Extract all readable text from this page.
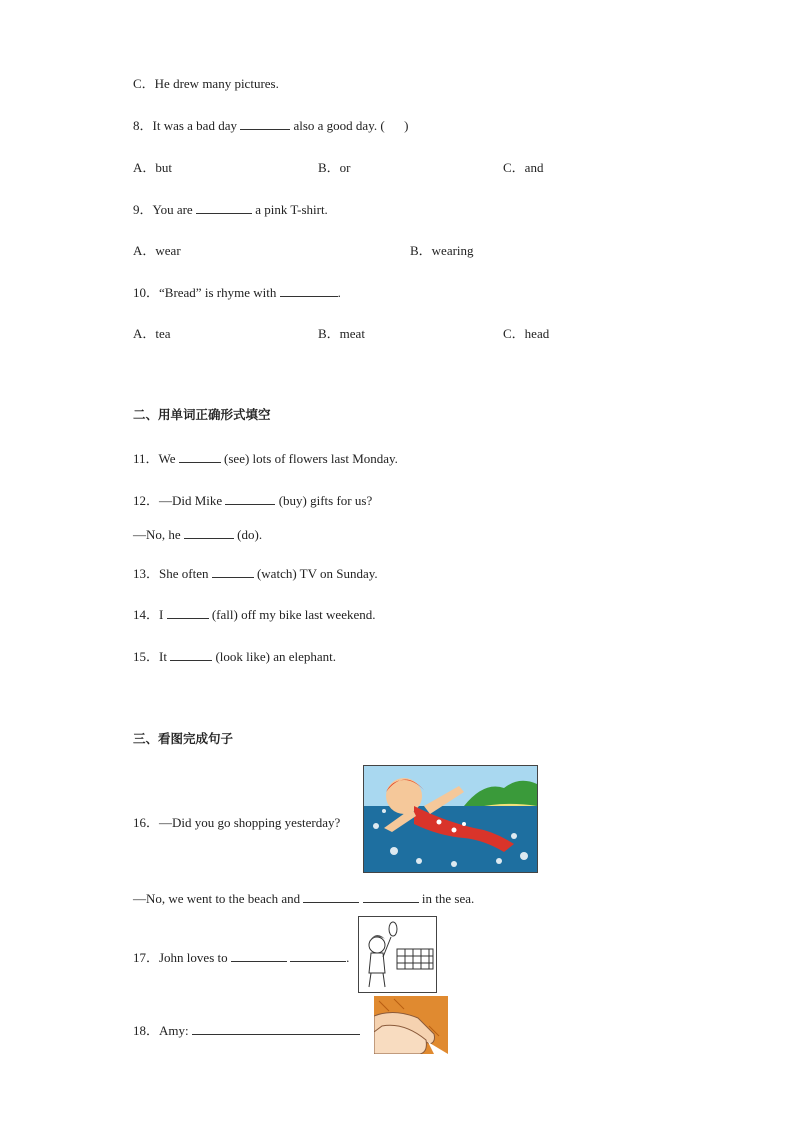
C．He drew many pictures.
8．It was a bad day	also a good day. (      )
A．but	B．or	C．and
9．You are	a pink T-shirt.
A．wear	B．wearing
10．“Bread” is rhyme with	.
A．tea	B．meat	C．head
二、用单词正确形式填空
11．We	(see) lots of flowers last Monday.
12．—Did Mike	(buy) gifts for us?
—No, he	(do).
13．She often	(watch) TV on Sunday.
14．I	(fall) off my bike last weekend.
15．It	(look like) an elephant.
三、看图完成句子
16．—Did you go shopping yesterday?
—No, we went to the beach and	in the sea.
17．John loves to	.
18．Amy:
